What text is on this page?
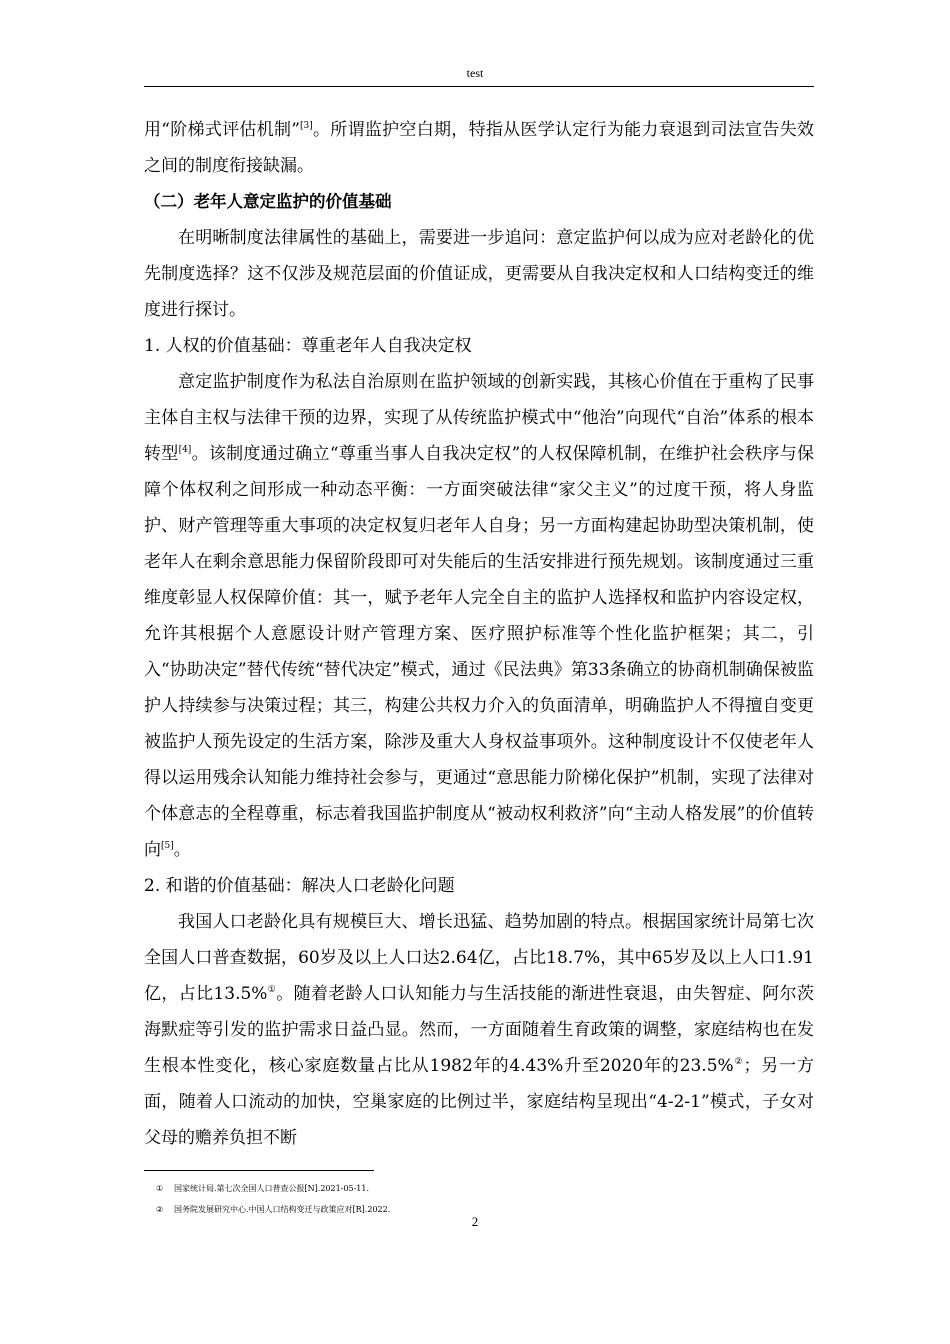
test

用“阶梯式评估机制”[3]。所谓监护空白期，特指从医学认定行为能力衰退到司法宣告失效之间的制度衔接缺漏。

（二）老年人意定监护的价值基础

在明晰制度法律属性的基础上，需要进一步追问：意定监护何以成为应对老龄化的优先制度选择？这不仅涉及规范层面的价值证成，更需要从自我决定权和人口结构变迁的维度进行探讨。

1. 人权的价值基础：尊重老年人自我决定权

意定监护制度作为私法自治原则在监护领域的创新实践，其核心价值在于重构了民事主体自主权与法律干预的边界，实现了从传统监护模式中“他治”向现代“自治”体系的根本转型[4]。该制度通过确立“尊重当事人自我决定权”的人权保障机制，在维护社会秩序与保障个体权利之间形成一种动态平衡：一方面突破法律“家父主义”的过度干预，将人身监护、财产管理等重大事项的决定权复归老年人自身；另一方面构建起协助型决策机制，使老年人在剩余意思能力保留阶段即可对失能后的生活安排进行预先规划。该制度通过三重维度彰显人权保障价值：其一，赋予老年人完全自主的监护人选择权和监护内容设定权，允许其根据个人意愿设计财产管理方案、医疗照护标准等个性化监护框架；其二，引入“协助决定”替代传统“替代决定”模式，通过《民法典》第33条确立的协商机制确保被监护人持续参与决策过程；其三，构建公共权力介入的负面清单，明确监护人不得擅自变更被监护人预先设定的生活方案，除涉及重大人身权益事项外。这种制度设计不仅使老年人得以运用残余认知能力维持社会参与，更通过“意思能力阶梯化保护”机制，实现了法律对个体意志的全程尊重，标志着我国监护制度从“被动权利救济”向“主动人格发展”的价值转向[5]。

2. 和谐的价值基础：解决人口老龄化问题

我国人口老龄化具有规模巨大、增长迅猛、趋势加剧的特点。根据国家统计局第七次全国人口普查数据，60岁及以上人口达2.64亿，占比18.7%，其中65岁及以上人口1.91亿，占比13.5%①。随着老龄人口认知能力与生活技能的渐进性衰退，由失智症、阿尔茨海默症等引发的监护需求日益凸显。然而，一方面随着生育政策的调整，家庭结构也在发生根本性变化，核心家庭数量占比从1982年的4.43%升至2020年的23.5%②；另一方面，随着人口流动的加快，空巢家庭的比例过半，家庭结构呈现出“4-2-1”模式，子女对父母的赡养负担不断

① 国家统计局.第七次全国人口普查公报[N].2021-05-11.

② 国务院发展研究中心.中国人口结构变迁与政策应对[R].2022.

2
